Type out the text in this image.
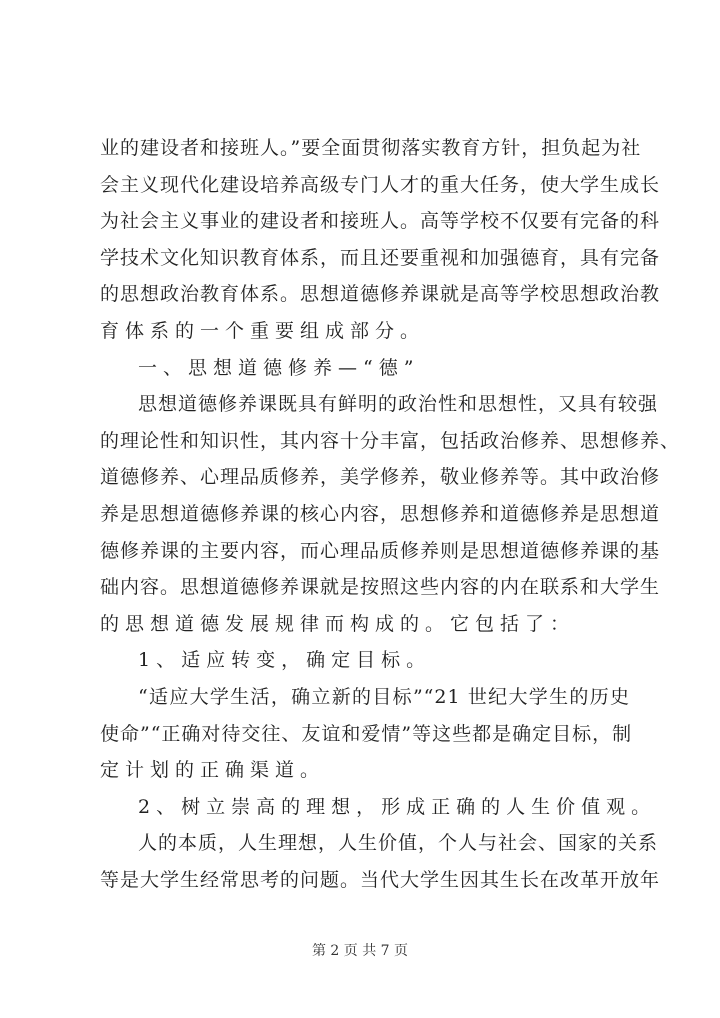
业的建设者和接班人。”要全面贯彻落实教育方针，担负起为社
会主义现代化建设培养高级专门人才的重大任务，使大学生成长
为社会主义事业的建设者和接班人。高等学校不仅要有完备的科
学技术文化知识教育体系，而且还要重视和加强德育，具有完备
的思想政治教育体系。思想道德修养课就是高等学校思想政治教
育体系的一个重要组成部分。
一、思想道德修养—“德”
思想道德修养课既具有鲜明的政治性和思想性，又具有较强
的理论性和知识性，其内容十分丰富，包括政治修养、思想修养、
道德修养、心理品质修养，美学修养，敬业修养等。其中政治修
养是思想道德修养课的核心内容，思想修养和道德修养是思想道
德修养课的主要内容，而心理品质修养则是思想道德修养课的基
础内容。思想道德修养课就是按照这些内容的内在联系和大学生
的思想道德发展规律而构成的。它包括了：
1、适应转变，确定目标。
“适应大学生活，确立新的目标”“21 世纪大学生的历史
使命”“正确对待交往、友谊和爱情”等这些都是确定目标，制
定计划的正确渠道。
2、树立崇高的理想，形成正确的人生价值观。
人的本质，人生理想，人生价值，个人与社会、国家的关系
等是大学生经常思考的问题。当代大学生因其生长在改革开放年
第 2 页 共 7 页
